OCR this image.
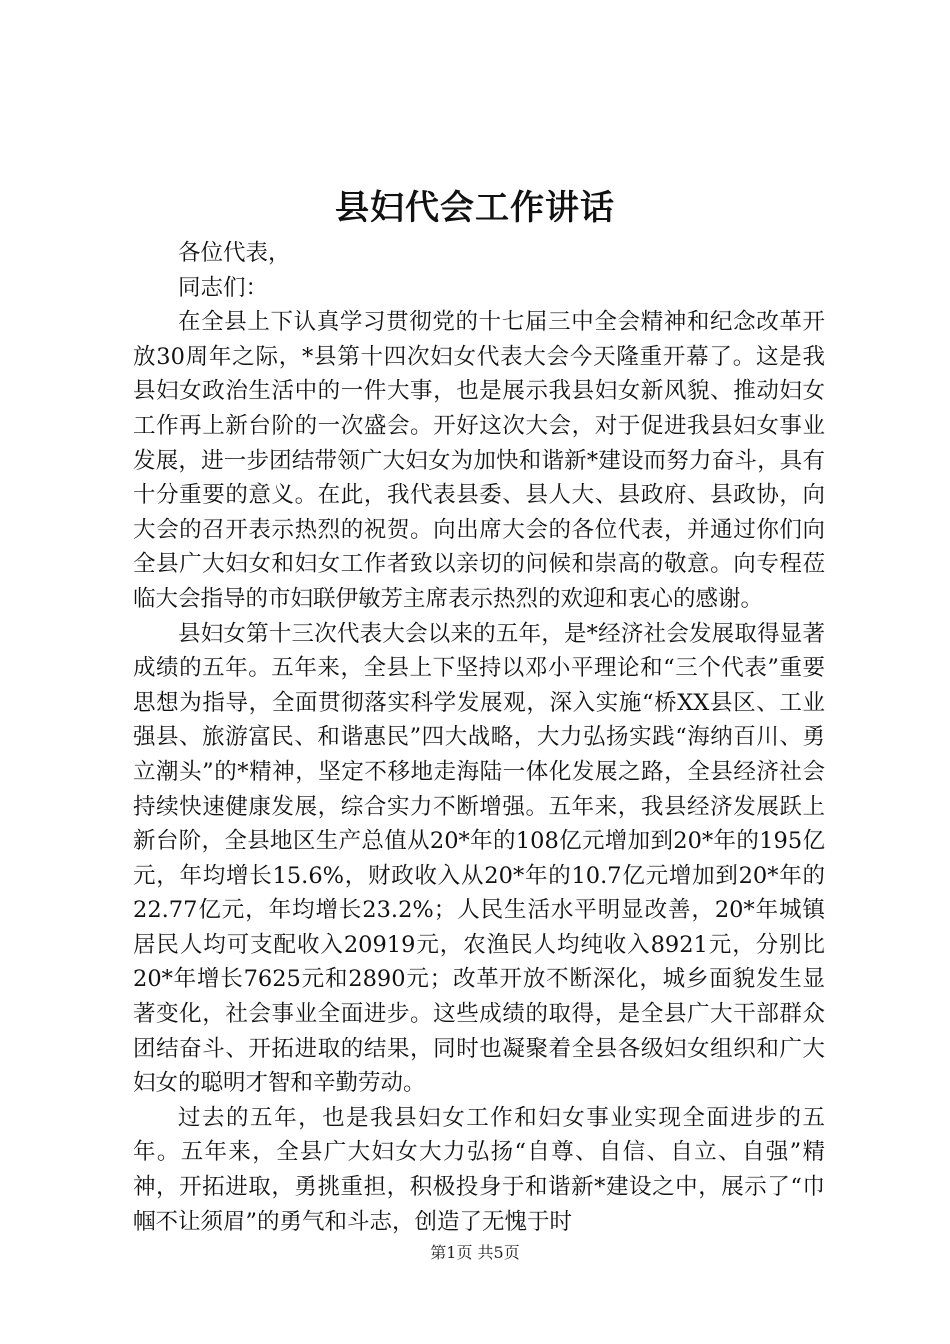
县妇代会工作讲话

各位代表，

同志们：

在全县上下认真学习贯彻党的十七届三中全会精神和纪念改革开放30周年之际，*县第十四次妇女代表大会今天隆重开幕了。这是我县妇女政治生活中的一件大事，也是展示我县妇女新风貌、推动妇女工作再上新台阶的一次盛会。开好这次大会，对于促进我县妇女事业发展，进一步团结带领广大妇女为加快和谐新*建设而努力奋斗，具有十分重要的意义。在此，我代表县委、县人大、县政府、县政协，向大会的召开表示热烈的祝贺。向出席大会的各位代表，并通过你们向全县广大妇女和妇女工作者致以亲切的问候和崇高的敬意。向专程莅临大会指导的市妇联伊敏芳主席表示热烈的欢迎和衷心的感谢。

县妇女第十三次代表大会以来的五年，是*经济社会发展取得显著成绩的五年。五年来，全县上下坚持以邓小平理论和“三个代表”重要思想为指导，全面贯彻落实科学发展观，深入实施“桥XX县区、工业强县、旅游富民、和谐惠民”四大战略，大力弘扬实践“海纳百川、勇立潮头”的*精神，坚定不移地走海陆一体化发展之路，全县经济社会持续快速健康发展，综合实力不断增强。五年来，我县经济发展跃上新台阶，全县地区生产总值从20*年的108亿元增加到20*年的195亿元，年均增长15.6%，财政收入从20*年的10.7亿元增加到20*年的22.77亿元，年均增长23.2%；人民生活水平明显改善，20*年城镇居民人均可支配收入20919元，农渔民人均纯收入8921元，分别比20*年增长7625元和2890元；改革开放不断深化，城乡面貌发生显著变化，社会事业全面进步。这些成绩的取得，是全县广大干部群众团结奋斗、开拓进取的结果，同时也凝聚着全县各级妇女组织和广大妇女的聪明才智和辛勤劳动。

过去的五年，也是我县妇女工作和妇女事业实现全面进步的五年。五年来，全县广大妇女大力弘扬“自尊、自信、自立、自强”精神，开拓进取，勇挑重担，积极投身于和谐新*建设之中，展示了“巾帼不让须眉”的勇气和斗志，创造了无愧于时

第1页 共5页
